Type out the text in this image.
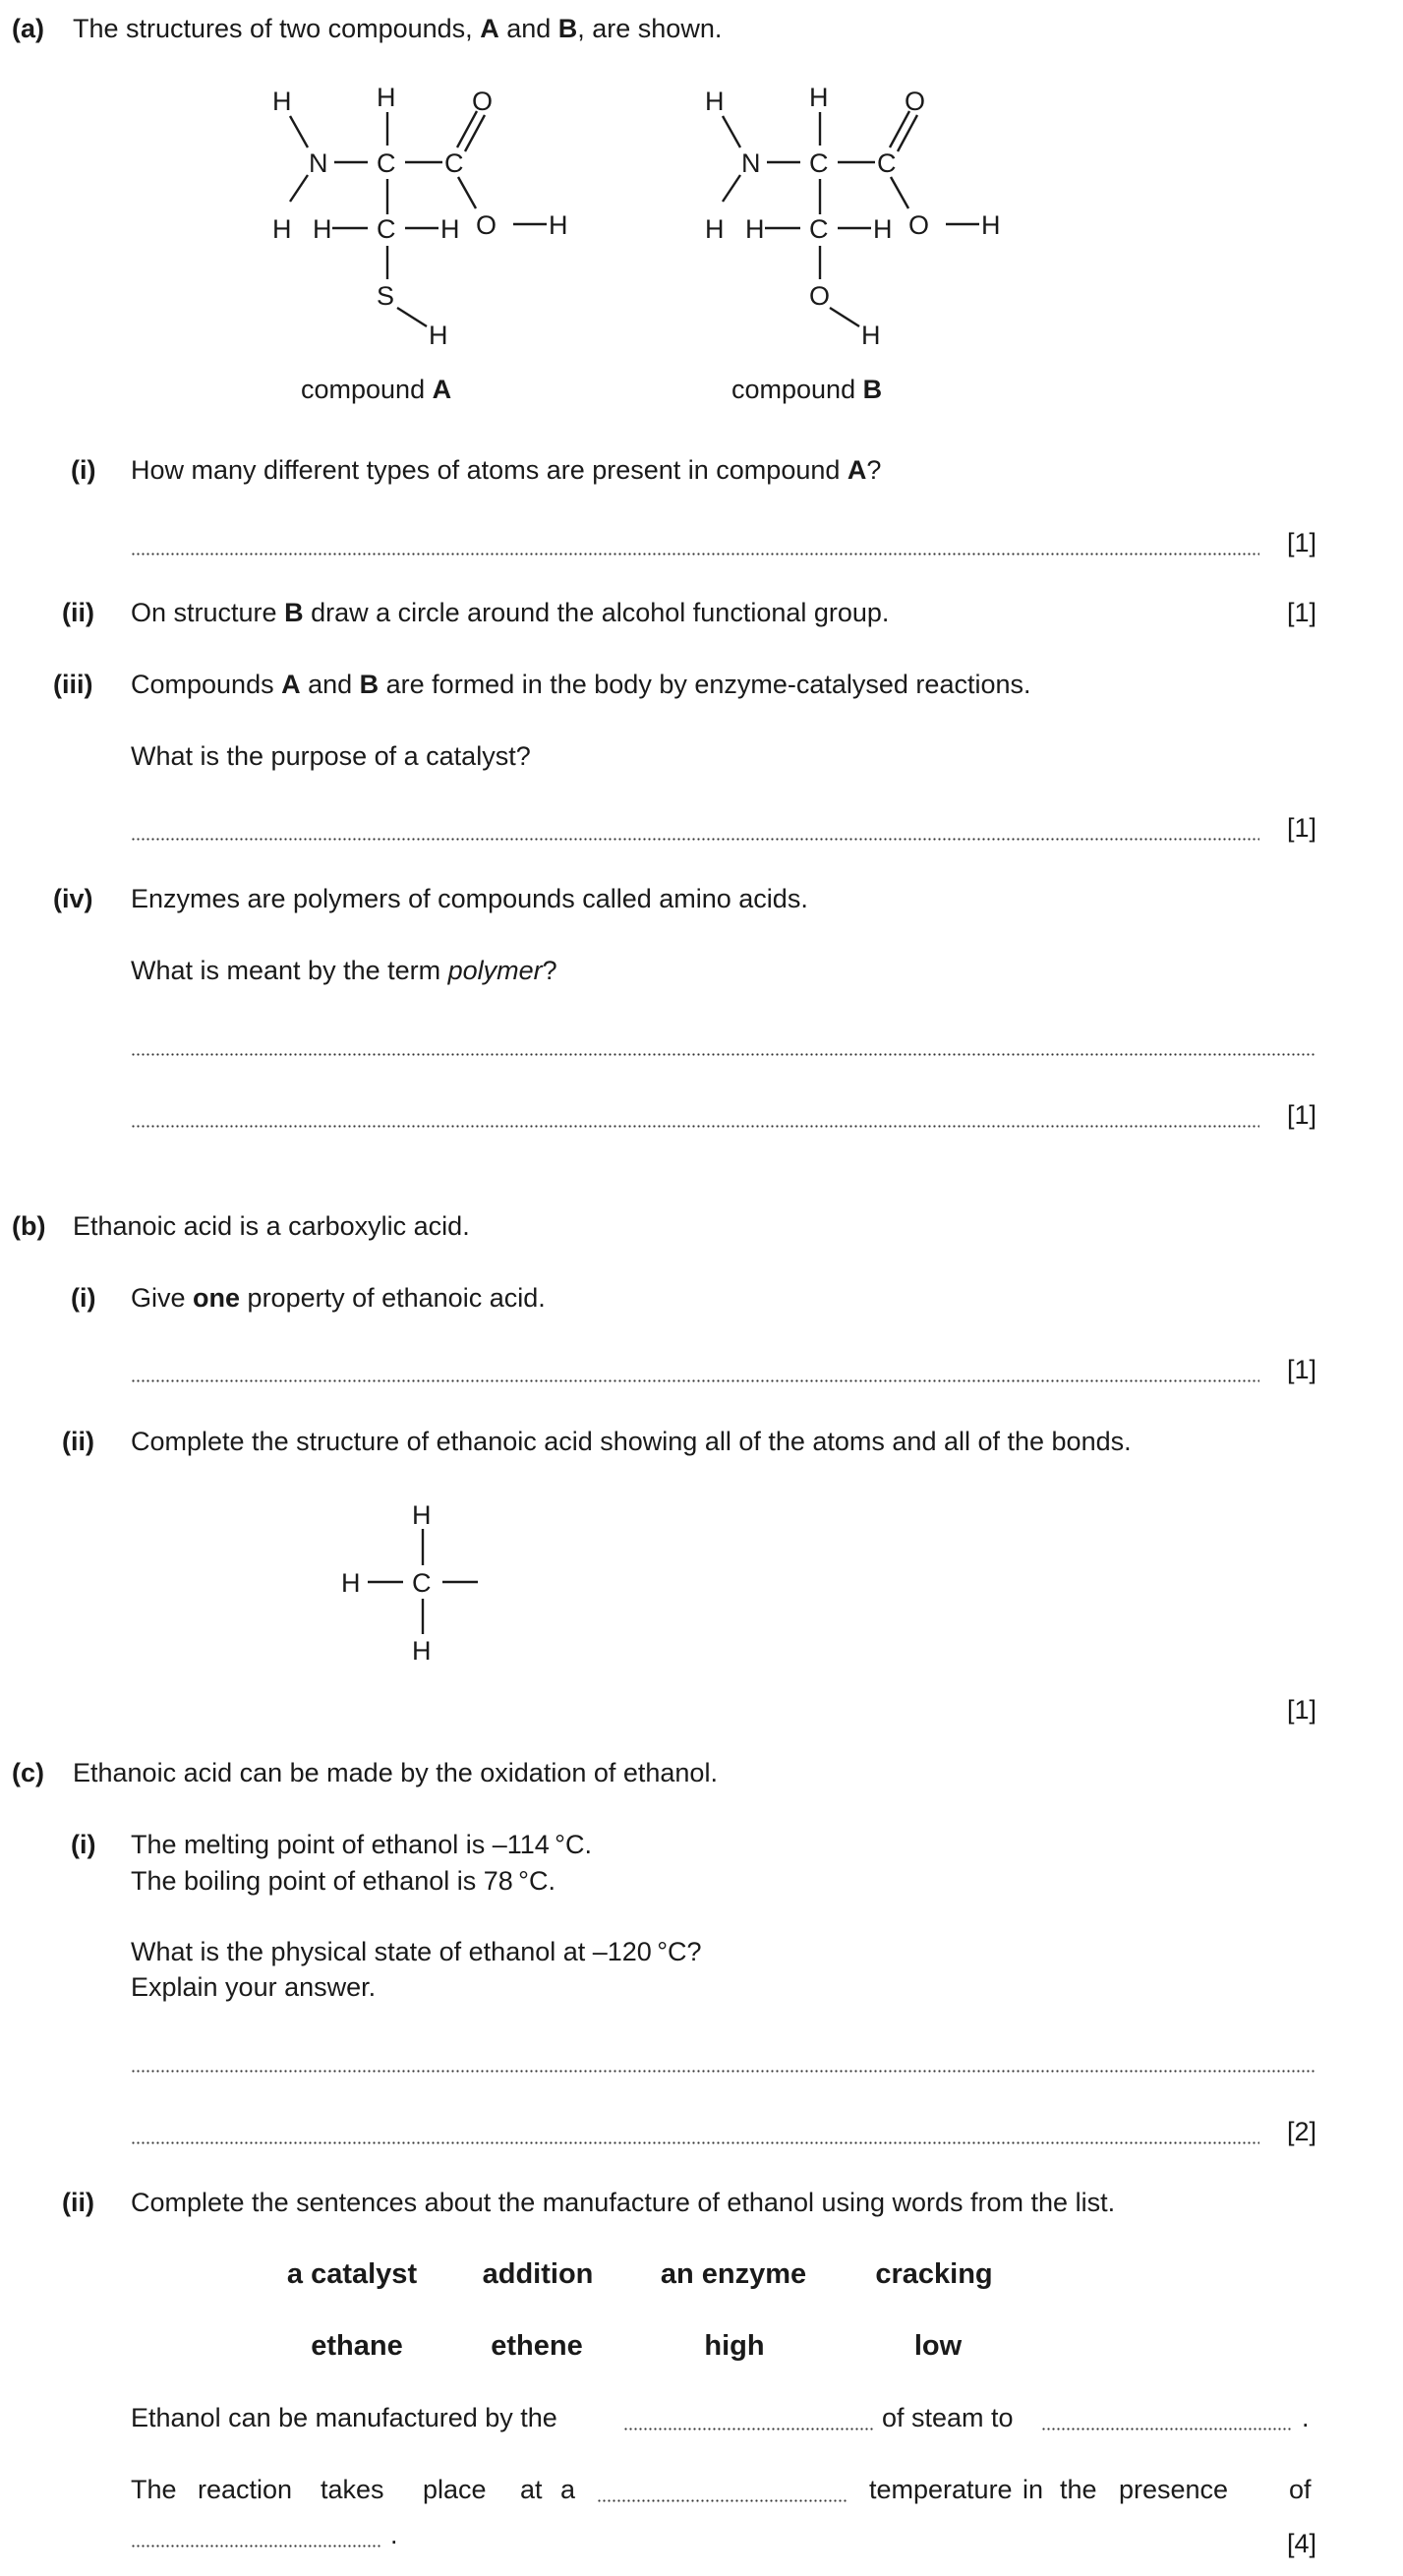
(a) The structures of two compounds, A and B, are shown.
H	H	O
N C C
H H C H O H
S
H
H	H	O
N C C
H H C H O H
O
H
compound A	compound B
(i) How many different types of atoms are present in compound A?
[1]
(ii) On structure B draw a circle around the alcohol functional group.	[1]
(iii) Compounds A and B are formed in the body by enzyme-catalysed reactions.
What is the purpose of a catalyst?
[1]
(iv) Enzymes are polymers of compounds called amino acids.
What is meant by the term polymer?
[1]
(b) Ethanoic acid is a carboxylic acid.
(i) Give one property of ethanoic acid.
[1]
(ii) Complete the structure of ethanoic acid showing all of the atoms and all of the bonds.
H
H C
H
[1]
(c) Ethanoic acid can be made by the oxidation of ethanol.
(i) The melting point of ethanol is –114 °C.
The boiling point of ethanol is 78 °C.
What is the physical state of ethanol at –120 °C?
Explain your answer.
[2]
(ii) Complete the sentences about the manufacture of ethanol using words from the list.
a catalyst addition an enzyme cracking
ethane	ethene	high	low
Ethanol can be manufactured by the	of steam to	.
The reaction takes place at a	temperature in the presence of
.	[4]
